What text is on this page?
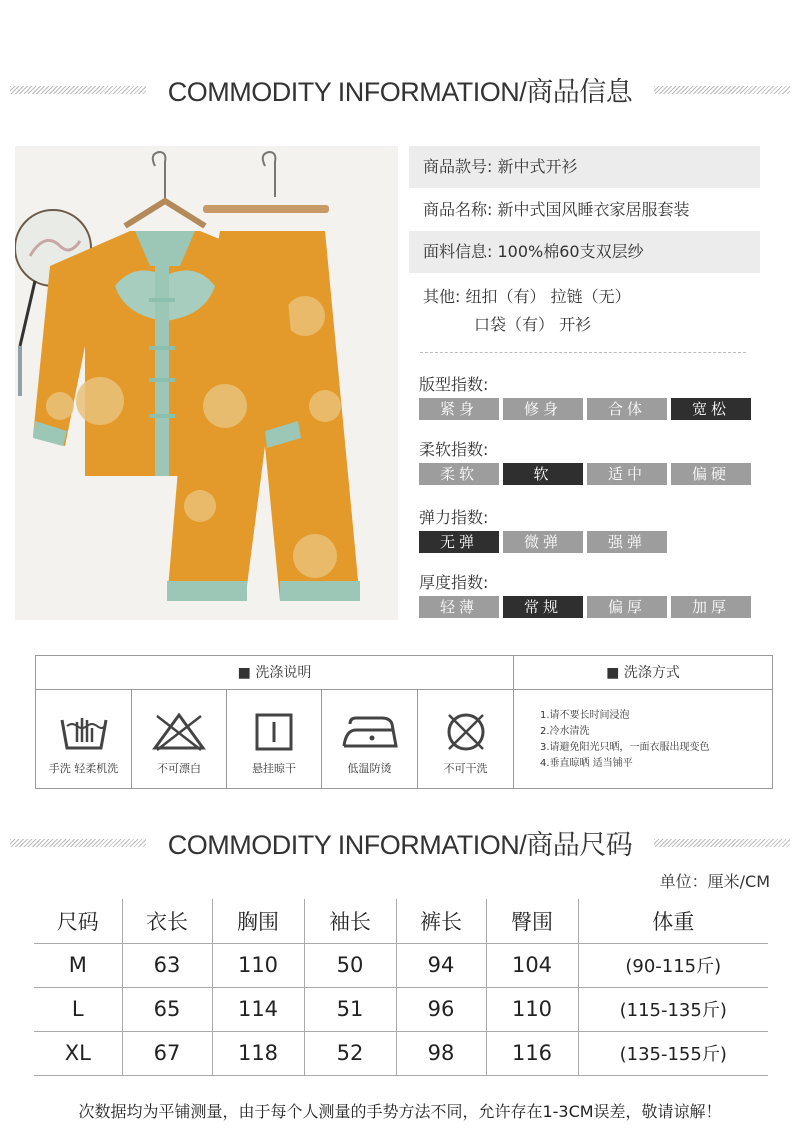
COMMODITY INFORMATION/商品信息
商品款号: 新中式开衫
商品名称: 新中式国风睡衣家居服套装
面料信息: 100%棉60支双层纱
其他: 纽扣（有） 拉链（无）
口袋（有） 开衫
版型指数:
紧身	修身	合体	宽松
柔软指数:
柔软	软	适中	偏硬
弹力指数:
无弹	微弹	强弹
厚度指数:
轻薄	常规	偏厚	加厚
■ 洗涤说明	■ 洗涤方式
手洗 轻柔机洗	不可漂白	悬挂晾干	低温防烫	不可干洗
1.请不要长时间浸泡
2.冷水清洗
3.请避免阳光只晒，一面衣服出现变色
4.垂直晾晒 适当铺平
COMMODITY INFORMATION/商品尺码
单位：厘米/CM
尺码	衣长	胸围	袖长	裤长	臀围	体重
M	63	110	50	94	104	(90-115斤)
L	65	114	51	96	110	(115-135斤)
XL	67	118	52	98	116	(135-155斤)
次数据均为平铺测量，由于每个人测量的手势方法不同，允许存在1-3CM误差，敬请谅解！
